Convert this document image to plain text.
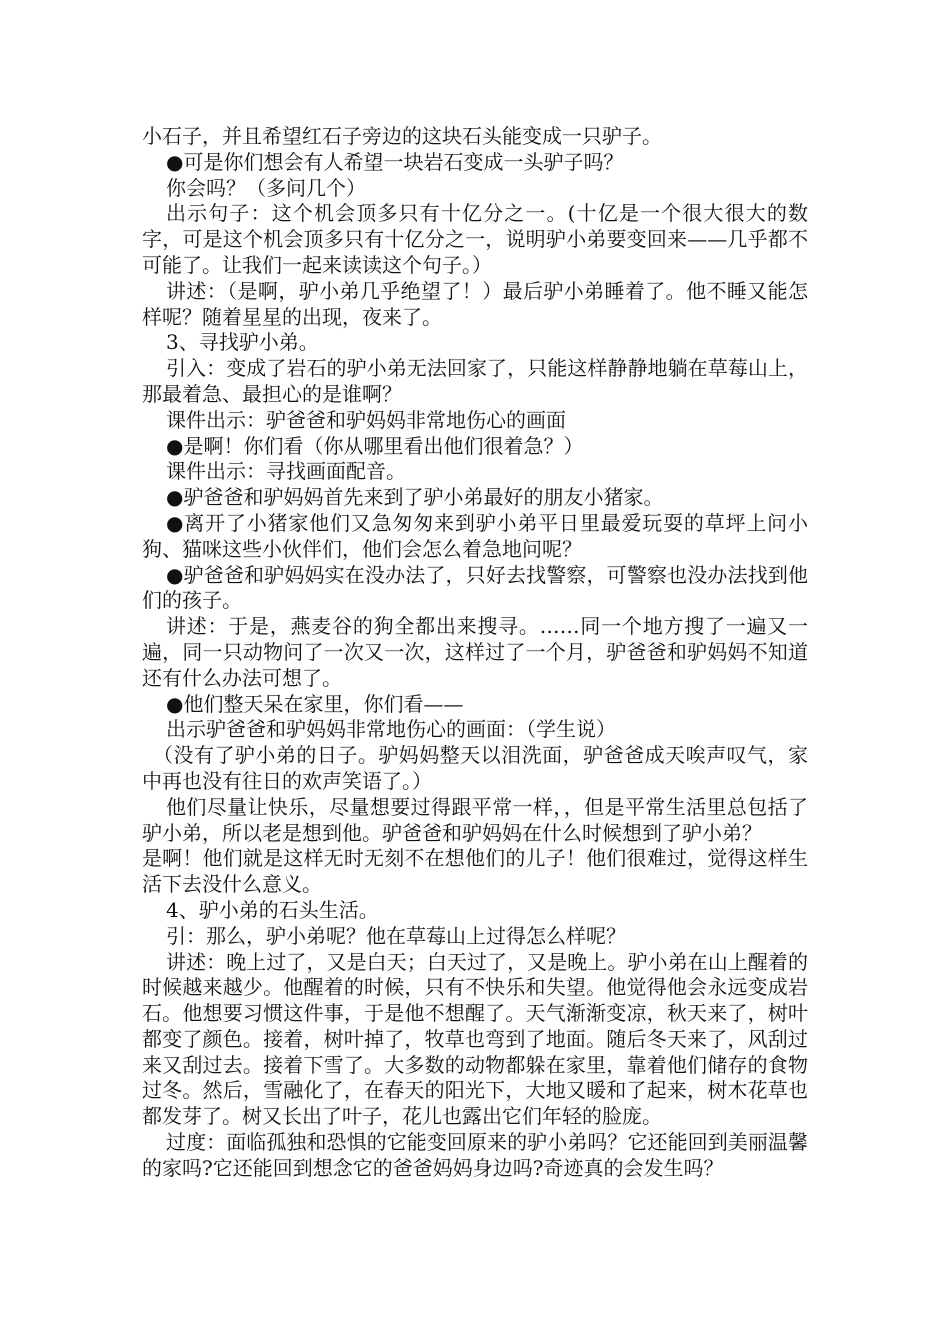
小石子，并且希望红石子旁边的这块石头能变成一只驴子。

●可是你们想会有人希望一块岩石变成一头驴子吗？

你会吗？（多问几个）

出示句子：这个机会顶多只有十亿分之一。(十亿是一个很大很大的数字，可是这个机会顶多只有十亿分之一，说明驴小弟要变回来——几乎都不可能了。让我们一起来读读这个句子。）

讲述：（是啊，驴小弟几乎绝望了！）最后驴小弟睡着了。他不睡又能怎样呢？随着星星的出现，夜来了。

3、寻找驴小弟。

引入：变成了岩石的驴小弟无法回家了，只能这样静静地躺在草莓山上，那最着急、最担心的是谁啊？

课件出示：驴爸爸和驴妈妈非常地伤心的画面

●是啊！你们看（你从哪里看出他们很着急？）

课件出示：寻找画面配音。

●驴爸爸和驴妈妈首先来到了驴小弟最好的朋友小猪家。

●离开了小猪家他们又急匆匆来到驴小弟平日里最爱玩耍的草坪上问小狗、猫咪这些小伙伴们，他们会怎么着急地问呢？

●驴爸爸和驴妈妈实在没办法了，只好去找警察，可警察也没办法找到他们的孩子。

讲述：于是，燕麦谷的狗全都出来搜寻。……同一个地方搜了一遍又一遍，同一只动物问了一次又一次，这样过了一个月，驴爸爸和驴妈妈不知道还有什么办法可想了。

●他们整天呆在家里，你们看——

出示驴爸爸和驴妈妈非常地伤心的画面：（学生说）

（没有了驴小弟的日子。驴妈妈整天以泪洗面，驴爸爸成天唉声叹气，家中再也没有往日的欢声笑语了。）

他们尽量让快乐，尽量想要过得跟平常一样，，但是平常生活里总包括了驴小弟，所以老是想到他。驴爸爸和驴妈妈在什么时候想到了驴小弟？

是啊！他们就是这样无时无刻不在想他们的儿子！他们很难过，觉得这样生活下去没什么意义。

4、驴小弟的石头生活。

引：那么，驴小弟呢？他在草莓山上过得怎么样呢？

讲述：晚上过了，又是白天；白天过了，又是晚上。驴小弟在山上醒着的时候越来越少。他醒着的时候，只有不快乐和失望。他觉得他会永远变成岩石。他想要习惯这件事，于是他不想醒了。天气渐渐变凉，秋天来了，树叶都变了颜色。接着，树叶掉了，牧草也弯到了地面。随后冬天来了，风刮过来又刮过去。接着下雪了。大多数的动物都躲在家里，靠着他们储存的食物过冬。然后，雪融化了，在春天的阳光下，大地又暖和了起来，树木花草也都发芽了。树又长出了叶子，花儿也露出它们年轻的脸庞。

过度：面临孤独和恐惧的它能变回原来的驴小弟吗？它还能回到美丽温馨的家吗?它还能回到想念它的爸爸妈妈身边吗?奇迹真的会发生吗？
